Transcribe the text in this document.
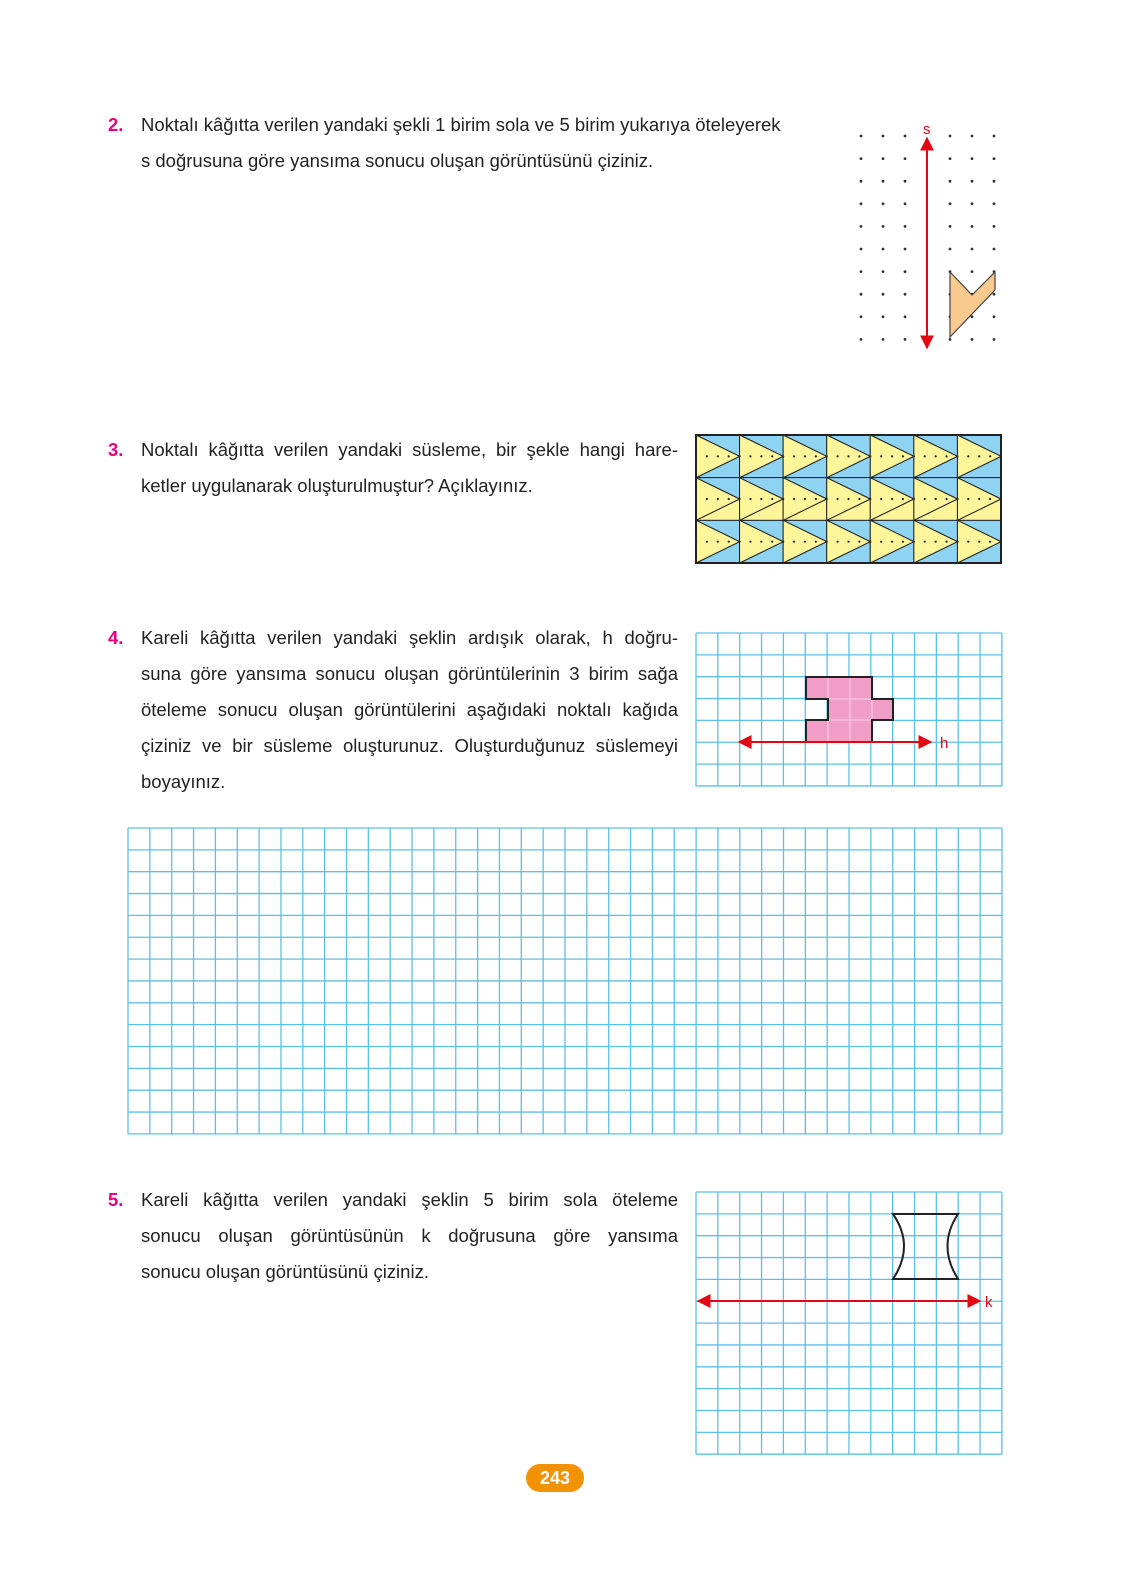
2. Noktalı kâğıtta verilen yandaki şekli 1 birim sola ve 5 birim yukarıya öteleyerek
s doğrusuna göre yansıma sonucu oluşan görüntüsünü çiziniz.
3. Noktalı kâğıtta verilen yandaki süsleme, bir şekle hangi hare-
ketler uygulanarak oluşturulmuştur? Açıklayınız.
4. Kareli kâğıtta verilen yandaki şeklin ardışık olarak, h doğru-
suna göre yansıma sonucu oluşan görüntülerinin 3 birim sağa
öteleme sonucu oluşan görüntülerini aşağıdaki noktalı kağıda
çiziniz ve bir süsleme oluşturunuz. Oluşturduğunuz süslemeyi
boyayınız.
5. Kareli kâğıtta verilen yandaki şeklin 5 birim sola öteleme
sonucu oluşan görüntüsünün k doğrusuna göre yansıma
sonucu oluşan görüntüsünü çiziniz.
s
h
k
243
